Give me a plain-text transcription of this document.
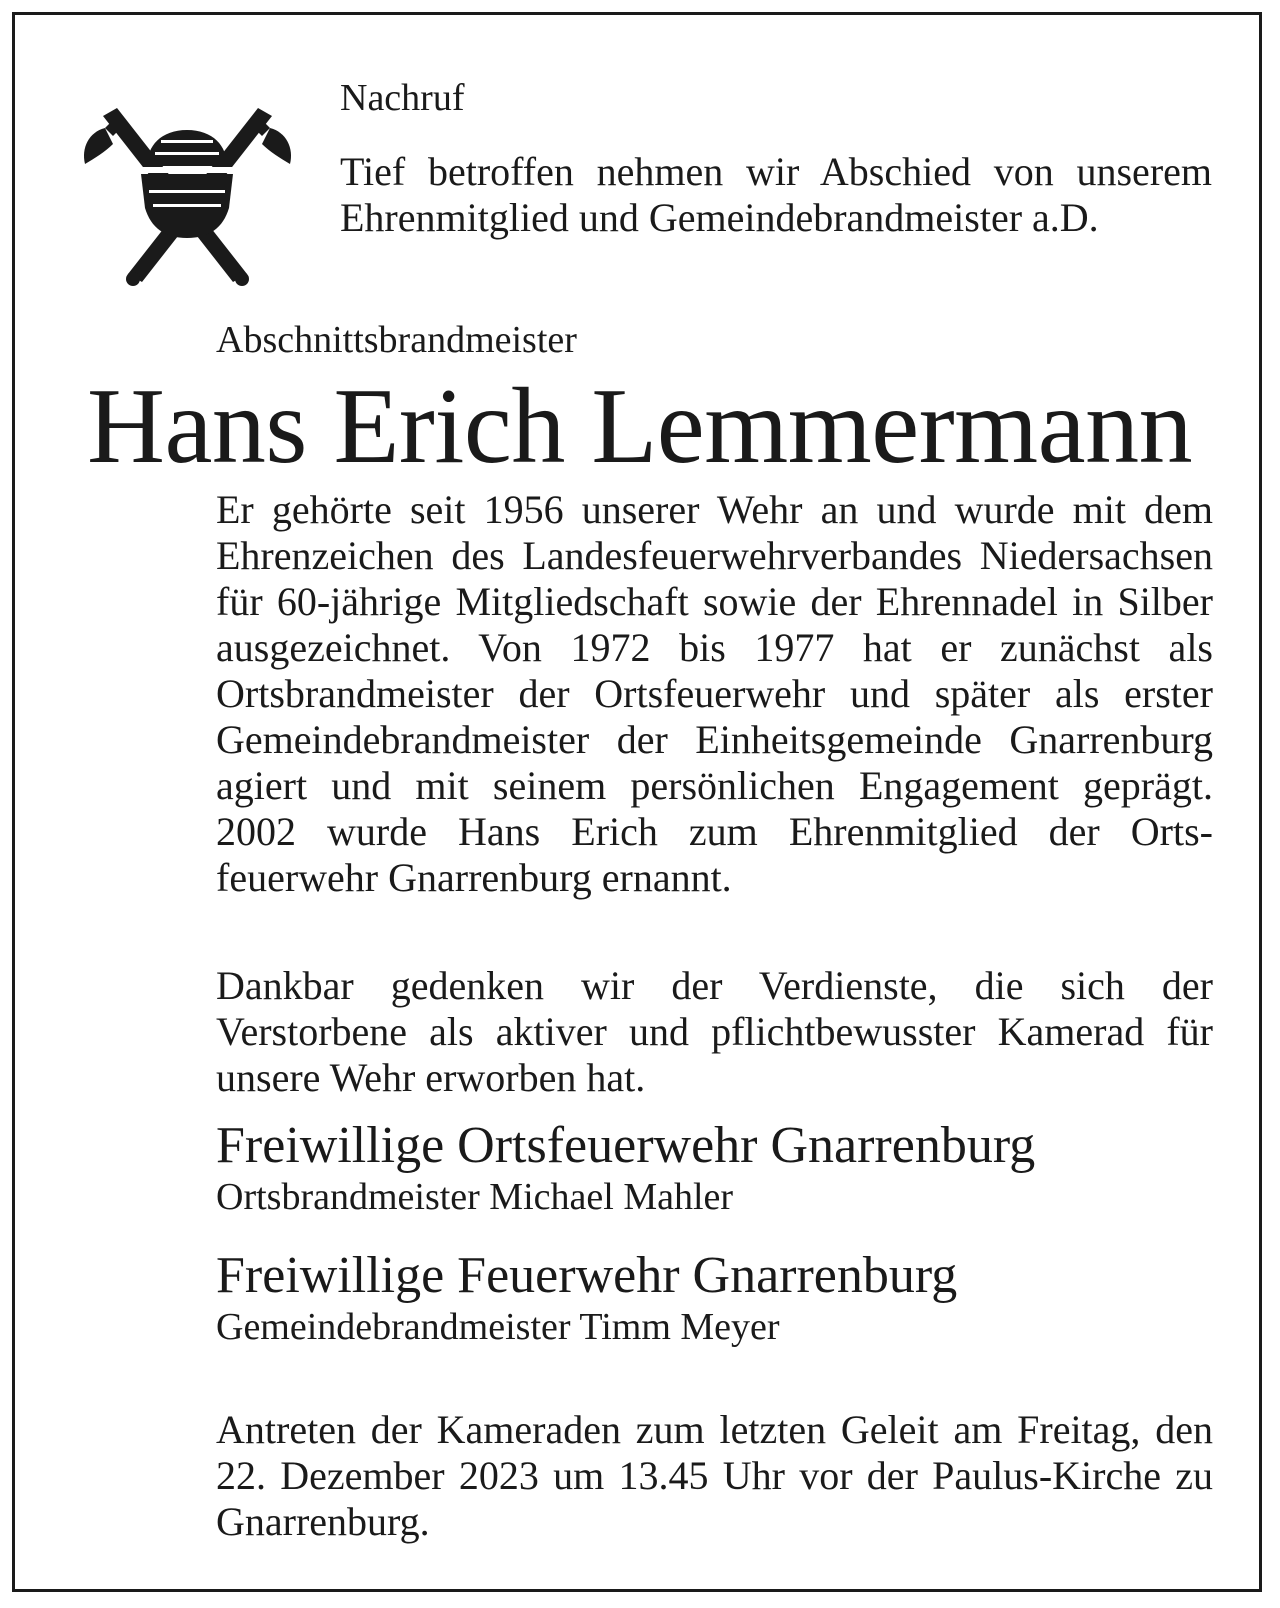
Nachruf

Tief betroffen nehmen wir Abschied von unserem Ehrenmitglied und Gemeindebrandmeister a.D.

Abschnittsbrandmeister

Hans Erich Lemmermann

Er gehörte seit 1956 unserer Wehr an und wurde mit dem Ehrenzeichen des Landesfeuerwehrverbandes Niedersachsen für 60-jährige Mitgliedschaft sowie der Ehrennadel in Silber ausgezeichnet. Von 1972 bis 1977 hat er zunächst als Ortsbrandmeister der Ortsfeuerwehr und später als erster Gemeindebrandmeister der Einheitsgemeinde Gnarrenburg agiert und mit seinem persönlichen Engagement geprägt. 2002 wurde Hans Erich zum Ehrenmitglied der Ortsfeuerwehr Gnarrenburg ernannt.

Dankbar gedenken wir der Verdienste, die sich der Verstorbene als aktiver und pflichtbewusster Kamerad für unsere Wehr erworben hat.

Freiwillige Ortsfeuerwehr Gnarrenburg
Ortsbrandmeister Michael Mahler
Freiwillige Feuerwehr Gnarrenburg
Gemeindebrandmeister Timm Meyer

Antreten der Kameraden zum letzten Geleit am Freitag, den 22. Dezember 2023 um 13.45 Uhr vor der Paulus-Kirche zu Gnarrenburg.
